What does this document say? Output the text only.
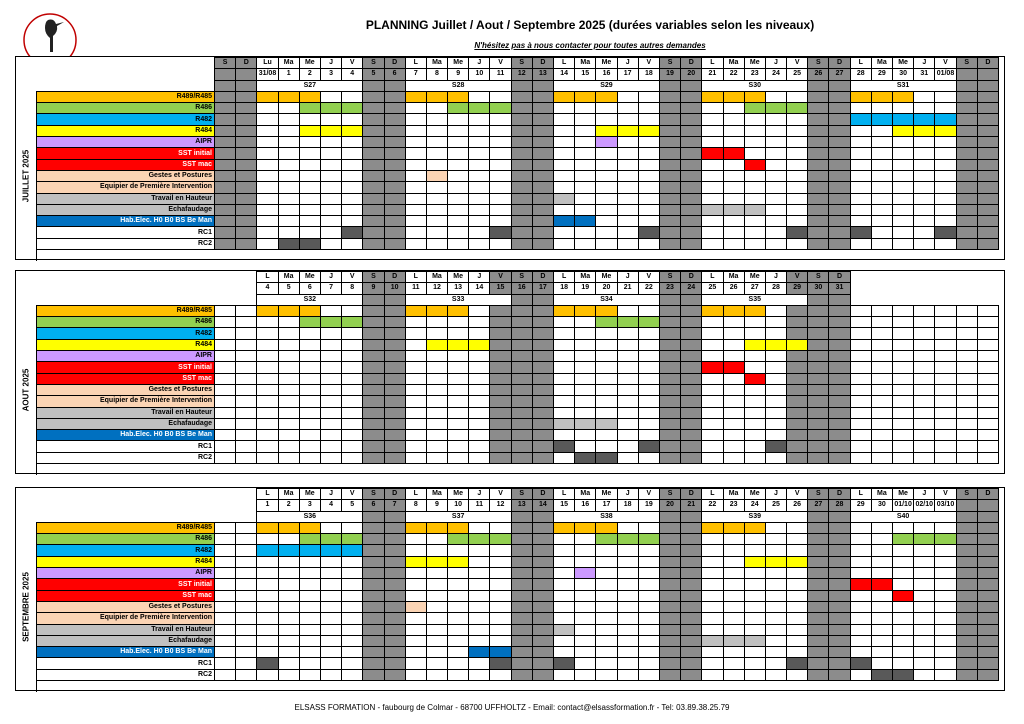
PLANNING Juillet / Aout / Septembre 2025 (durées variables selon les niveaux)
N'hésitez pas à nous contacter pour toutes autres demandes
JUILLET 2025
	S	D	Lu	Ma	Me	J	V	S	D	L	Ma	Me	J	V	S	D	L	Ma	Me	J	V	S	D	L	Ma	Me	J	V	S	D	L	Ma	Me	J	V	S	D
			31/08	1	2	3	4	5	6	7	8	9	10	11	12	13	14	15	16	17	18	19	20	21	22	23	24	25	26	27	28	29	30	31	01/08		
			S27							S28							S29							S30							S31						
R489/R485																																					
R486																																					
R482																																					
R484																																					
AIPR																																					
SST initial																																					
SST mac																																					
Gestes et Postures																																					
Equipier de Première Intervention																																					
Travail en Hauteur																																					
Echafaudage																																					
Hab.Elec. H0 B0 BS Be Man																																					
RC1																																					
RC2																																					
AOUT 2025
			L	Ma	Me	J	V	S	D	L	Ma	Me	J	V	S	D	L	Ma	Me	J	V	S	D	L	Ma	Me	J	V	S	D							
			4	5	6	7	8	9	10	11	12	13	14	15	16	17	18	19	20	21	22	23	24	25	26	27	28	29	30	31							
			S32							S33							S34							S35													
R489/R485																																					
R486																																					
R482																																					
R484																																					
AIPR																																					
SST initial																																					
SST mac																																					
Gestes et Postures																																					
Equipier de Première Intervention																																					
Travail en Hauteur																																					
Echafaudage																																					
Hab.Elec. H0 B0 BS Be Man																																					
RC1																																					
RC2																																					
SEPTEMBRE 2025
			L	Ma	Me	J	V	S	D	L	Ma	Me	J	V	S	D	L	Ma	Me	J	V	S	D	L	Ma	Me	J	V	S	D	L	Ma	Me	J	V	S	D
			1	2	3	4	5	6	7	8	9	10	11	12	13	14	15	16	17	18	19	20	21	22	23	24	25	26	27	28	29	30	01/10	02/10	03/10		
			S36							S37							S38							S39							S40						
R489/R485																																					
R486																																					
R482																																					
R484																																					
AIPR																																					
SST initial																																					
SST mac																																					
Gestes et Postures																																					
Equipier de Première Intervention																																					
Travail en Hauteur																																					
Echafaudage																																					
Hab.Elec. H0 B0 BS Be Man																																					
RC1																																					
RC2																																					
ELSASS FORMATION - faubourg de Colmar - 68700 UFFHOLTZ - Email: contact@elsassformation.fr - Tel: 03.89.38.25.79
